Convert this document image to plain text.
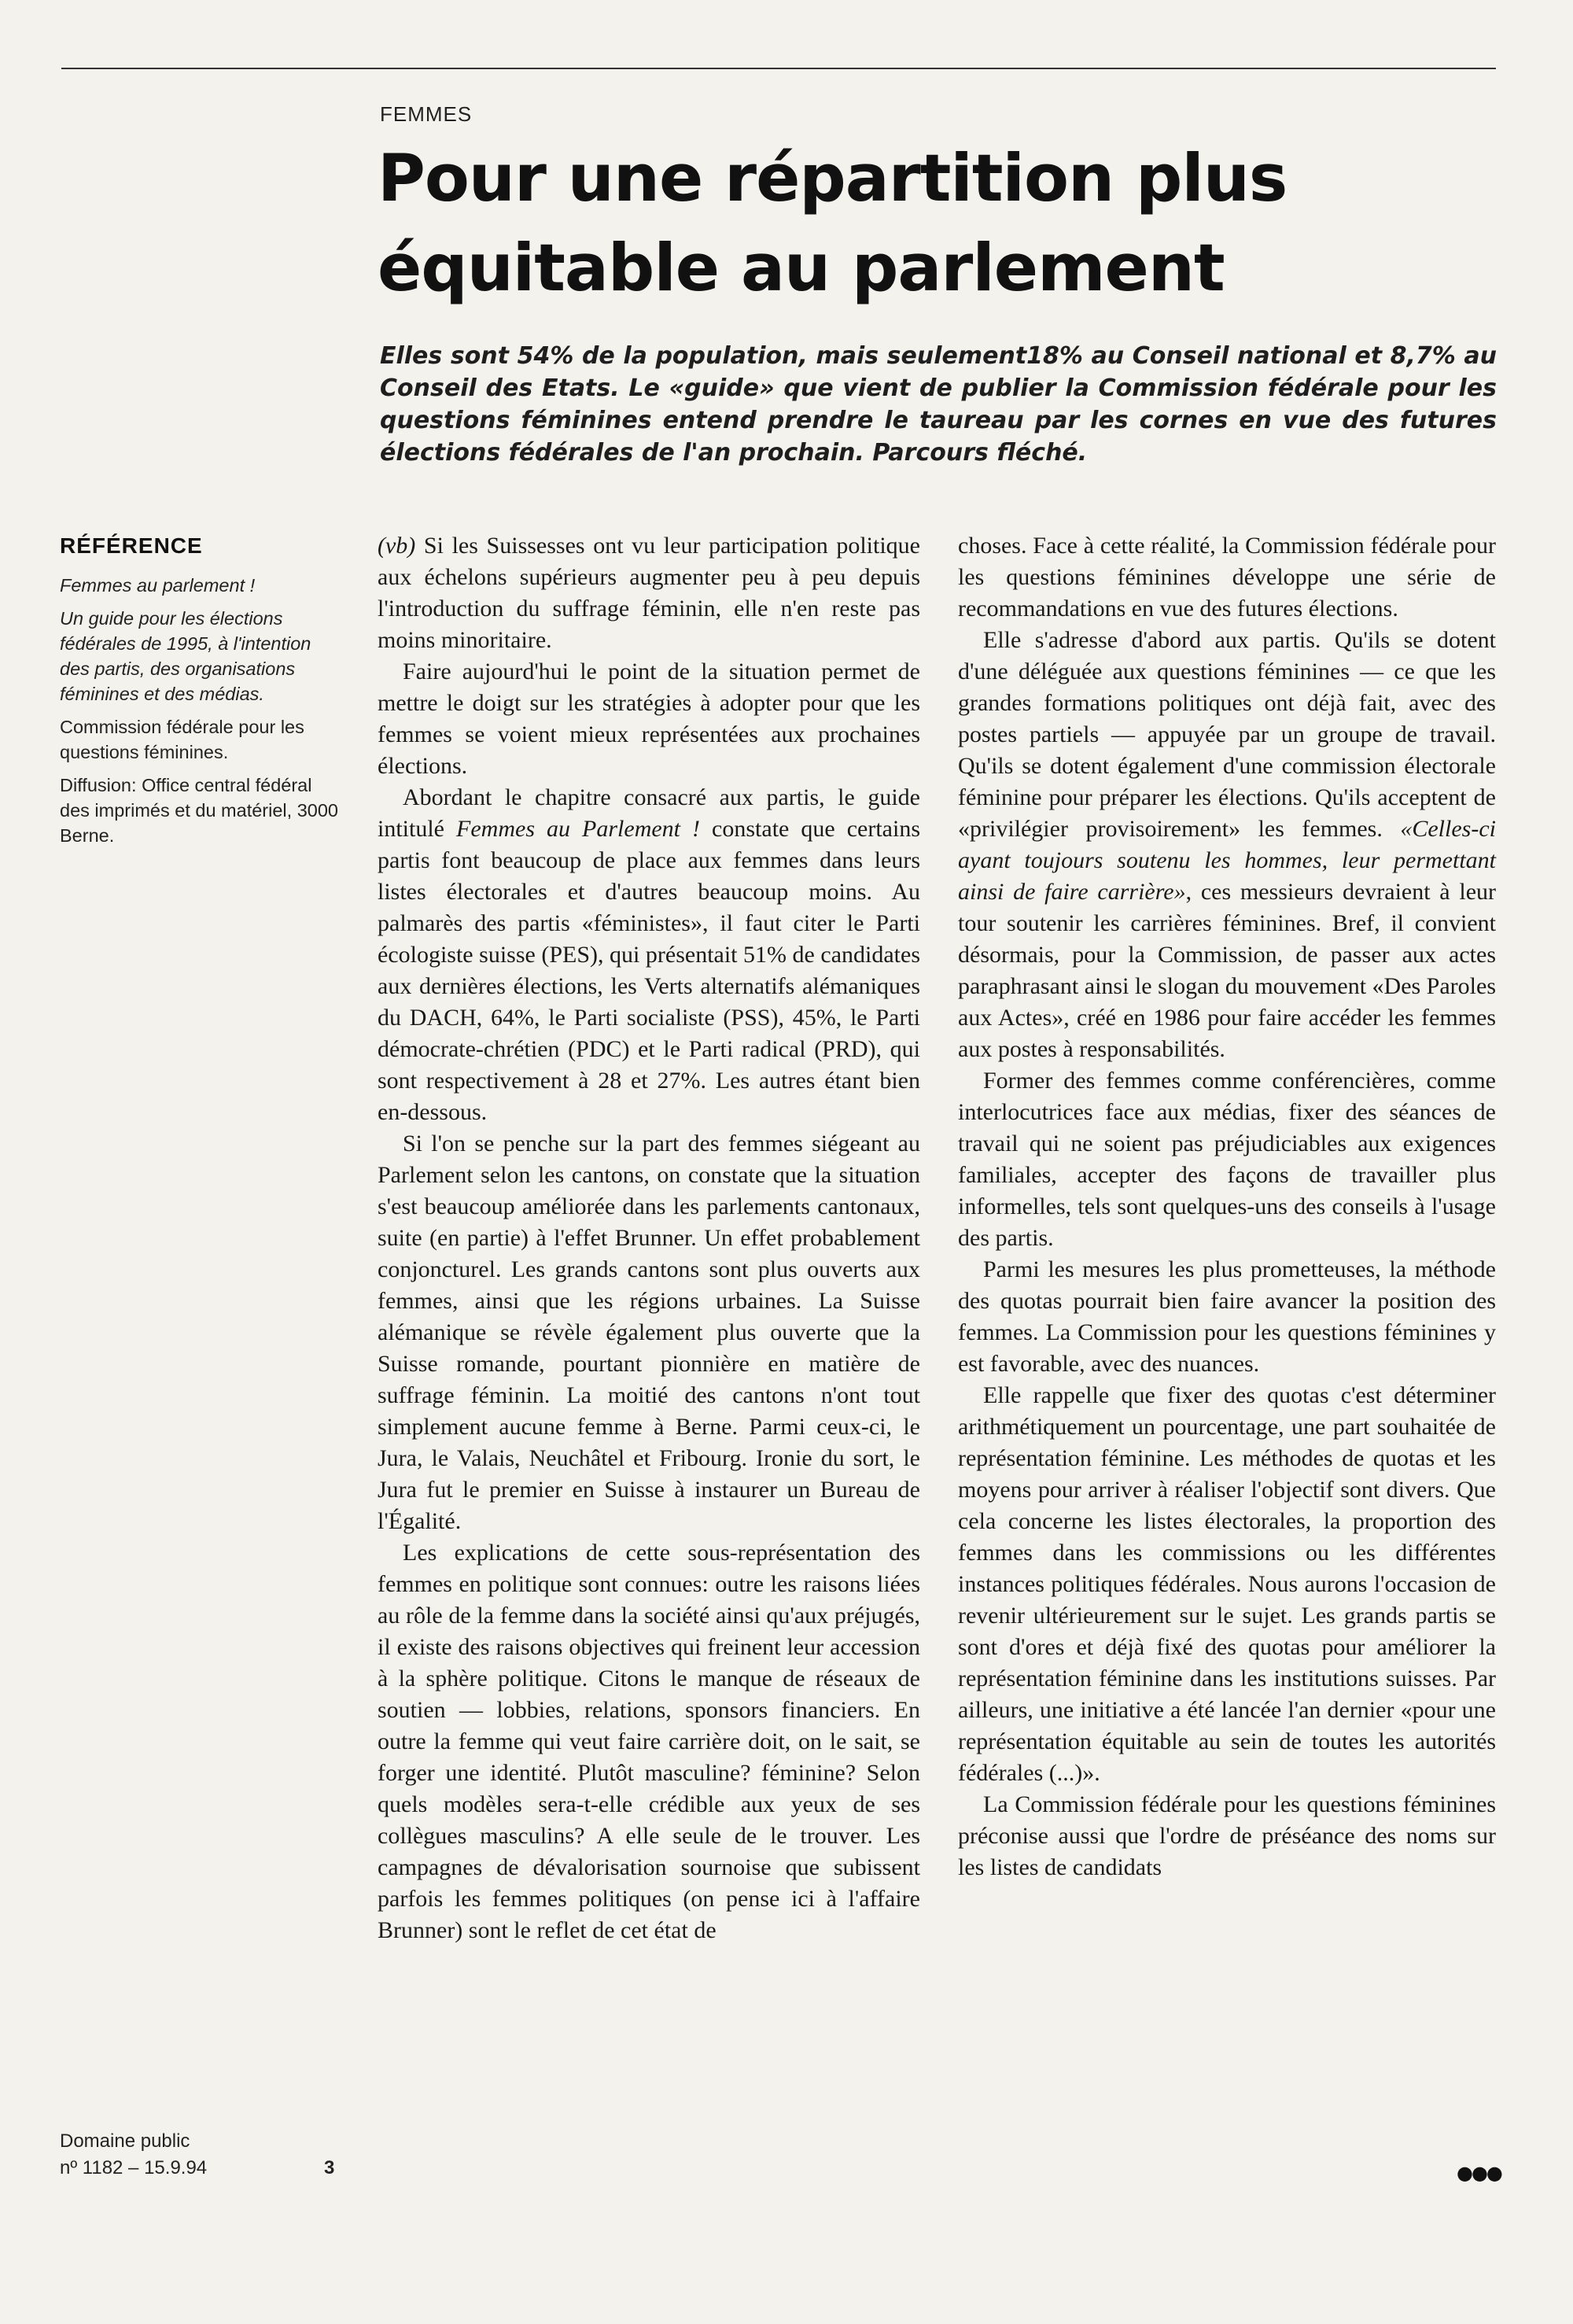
FEMMES
Pour une répartition plus
équitable au parlement

Elles sont 54% de la population, mais seulement18% au Conseil national et 8,7% au Conseil des Etats. Le «guide» que vient de publier la Commission fédérale pour les questions féminines entend prendre le taureau par les cornes en vue des futures élections fédérales de l'an prochain. Parcours fléché.

RÉFÉRENCE

Femmes au parlement !

Un guide pour les élections fédérales de 1995, à l'intention des partis, des organisations féminines et des médias.

Commission fédérale pour les questions féminines.

Diffusion: Office central fédéral des imprimés et du matériel, 3000 Berne.

Domaine public
nº 1182 – 15.9.94	3

(vb) Si les Suissesses ont vu leur participation politique aux échelons supérieurs augmenter peu à peu depuis l'introduction du suffrage féminin, elle n'en reste pas moins minoritaire.

Faire aujourd'hui le point de la situation permet de mettre le doigt sur les stratégies à adopter pour que les femmes se voient mieux représentées aux prochaines élections.

Abordant le chapitre consacré aux partis, le guide intitulé Femmes au Parlement ! constate que certains partis font beaucoup de place aux femmes dans leurs listes électorales et d'autres beaucoup moins. Au palmarès des partis «féministes», il faut citer le Parti écologiste suisse (PES), qui présentait 51% de candidates aux dernières élections, les Verts alternatifs alémaniques du DACH, 64%, le Parti socialiste (PSS), 45%, le Parti démocrate-chrétien (PDC) et le Parti radical (PRD), qui sont respectivement à 28 et 27%. Les autres étant bien en-dessous.

Si l'on se penche sur la part des femmes siégeant au Parlement selon les cantons, on constate que la situation s'est beaucoup améliorée dans les parlements cantonaux, suite (en partie) à l'effet Brunner. Un effet probablement conjoncturel. Les grands cantons sont plus ouverts aux femmes, ainsi que les régions urbaines. La Suisse alémanique se révèle également plus ouverte que la Suisse romande, pourtant pionnière en matière de suffrage féminin. La moitié des cantons n'ont tout simplement aucune femme à Berne. Parmi ceux-ci, le Jura, le Valais, Neuchâtel et Fribourg. Ironie du sort, le Jura fut le premier en Suisse à instaurer un Bureau de l'Égalité.

Les explications de cette sous-représentation des femmes en politique sont connues: outre les raisons liées au rôle de la femme dans la société ainsi qu'aux préjugés, il existe des raisons objectives qui freinent leur accession à la sphère politique. Citons le manque de réseaux de soutien — lobbies, relations, sponsors financiers. En outre la femme qui veut faire carrière doit, on le sait, se forger une identité. Plutôt masculine? féminine? Selon quels modèles sera-t-elle crédible aux yeux de ses collègues masculins? A elle seule de le trouver. Les campagnes de dévalorisation sournoise que subissent parfois les femmes politiques (on pense ici à l'affaire Brunner) sont le reflet de cet état de

choses. Face à cette réalité, la Commission fédérale pour les questions féminines développe une série de recommandations en vue des futures élections.

Elle s'adresse d'abord aux partis. Qu'ils se dotent d'une déléguée aux questions féminines — ce que les grandes formations politiques ont déjà fait, avec des postes partiels — appuyée par un groupe de travail. Qu'ils se dotent également d'une commission électorale féminine pour préparer les élections. Qu'ils acceptent de «privilégier provisoirement» les femmes. «Celles-ci ayant toujours soutenu les hommes, leur permettant ainsi de faire carrière», ces messieurs devraient à leur tour soutenir les carrières féminines. Bref, il convient désormais, pour la Commission, de passer aux actes paraphrasant ainsi le slogan du mouvement «Des Paroles aux Actes», créé en 1986 pour faire accéder les femmes aux postes à responsabilités.

Former des femmes comme conférencières, comme interlocutrices face aux médias, fixer des séances de travail qui ne soient pas préjudiciables aux exigences familiales, accepter des façons de travailler plus informelles, tels sont quelques-uns des conseils à l'usage des partis.

Parmi les mesures les plus prometteuses, la méthode des quotas pourrait bien faire avancer la position des femmes. La Commission pour les questions féminines y est favorable, avec des nuances.

Elle rappelle que fixer des quotas c'est déterminer arithmétiquement un pourcentage, une part souhaitée de représentation féminine. Les méthodes de quotas et les moyens pour arriver à réaliser l'objectif sont divers. Que cela concerne les listes électorales, la proportion des femmes dans les commissions ou les différentes instances politiques fédérales. Nous aurons l'occasion de revenir ultérieurement sur le sujet. Les grands partis se sont d'ores et déjà fixé des quotas pour améliorer la représentation féminine dans les institutions suisses. Par ailleurs, une initiative a été lancée l'an dernier «pour une représentation équitable au sein de toutes les autorités fédérales (...)».

La Commission fédérale pour les questions féminines préconise aussi que l'ordre de préséance des noms sur les listes de candidats

●●●
